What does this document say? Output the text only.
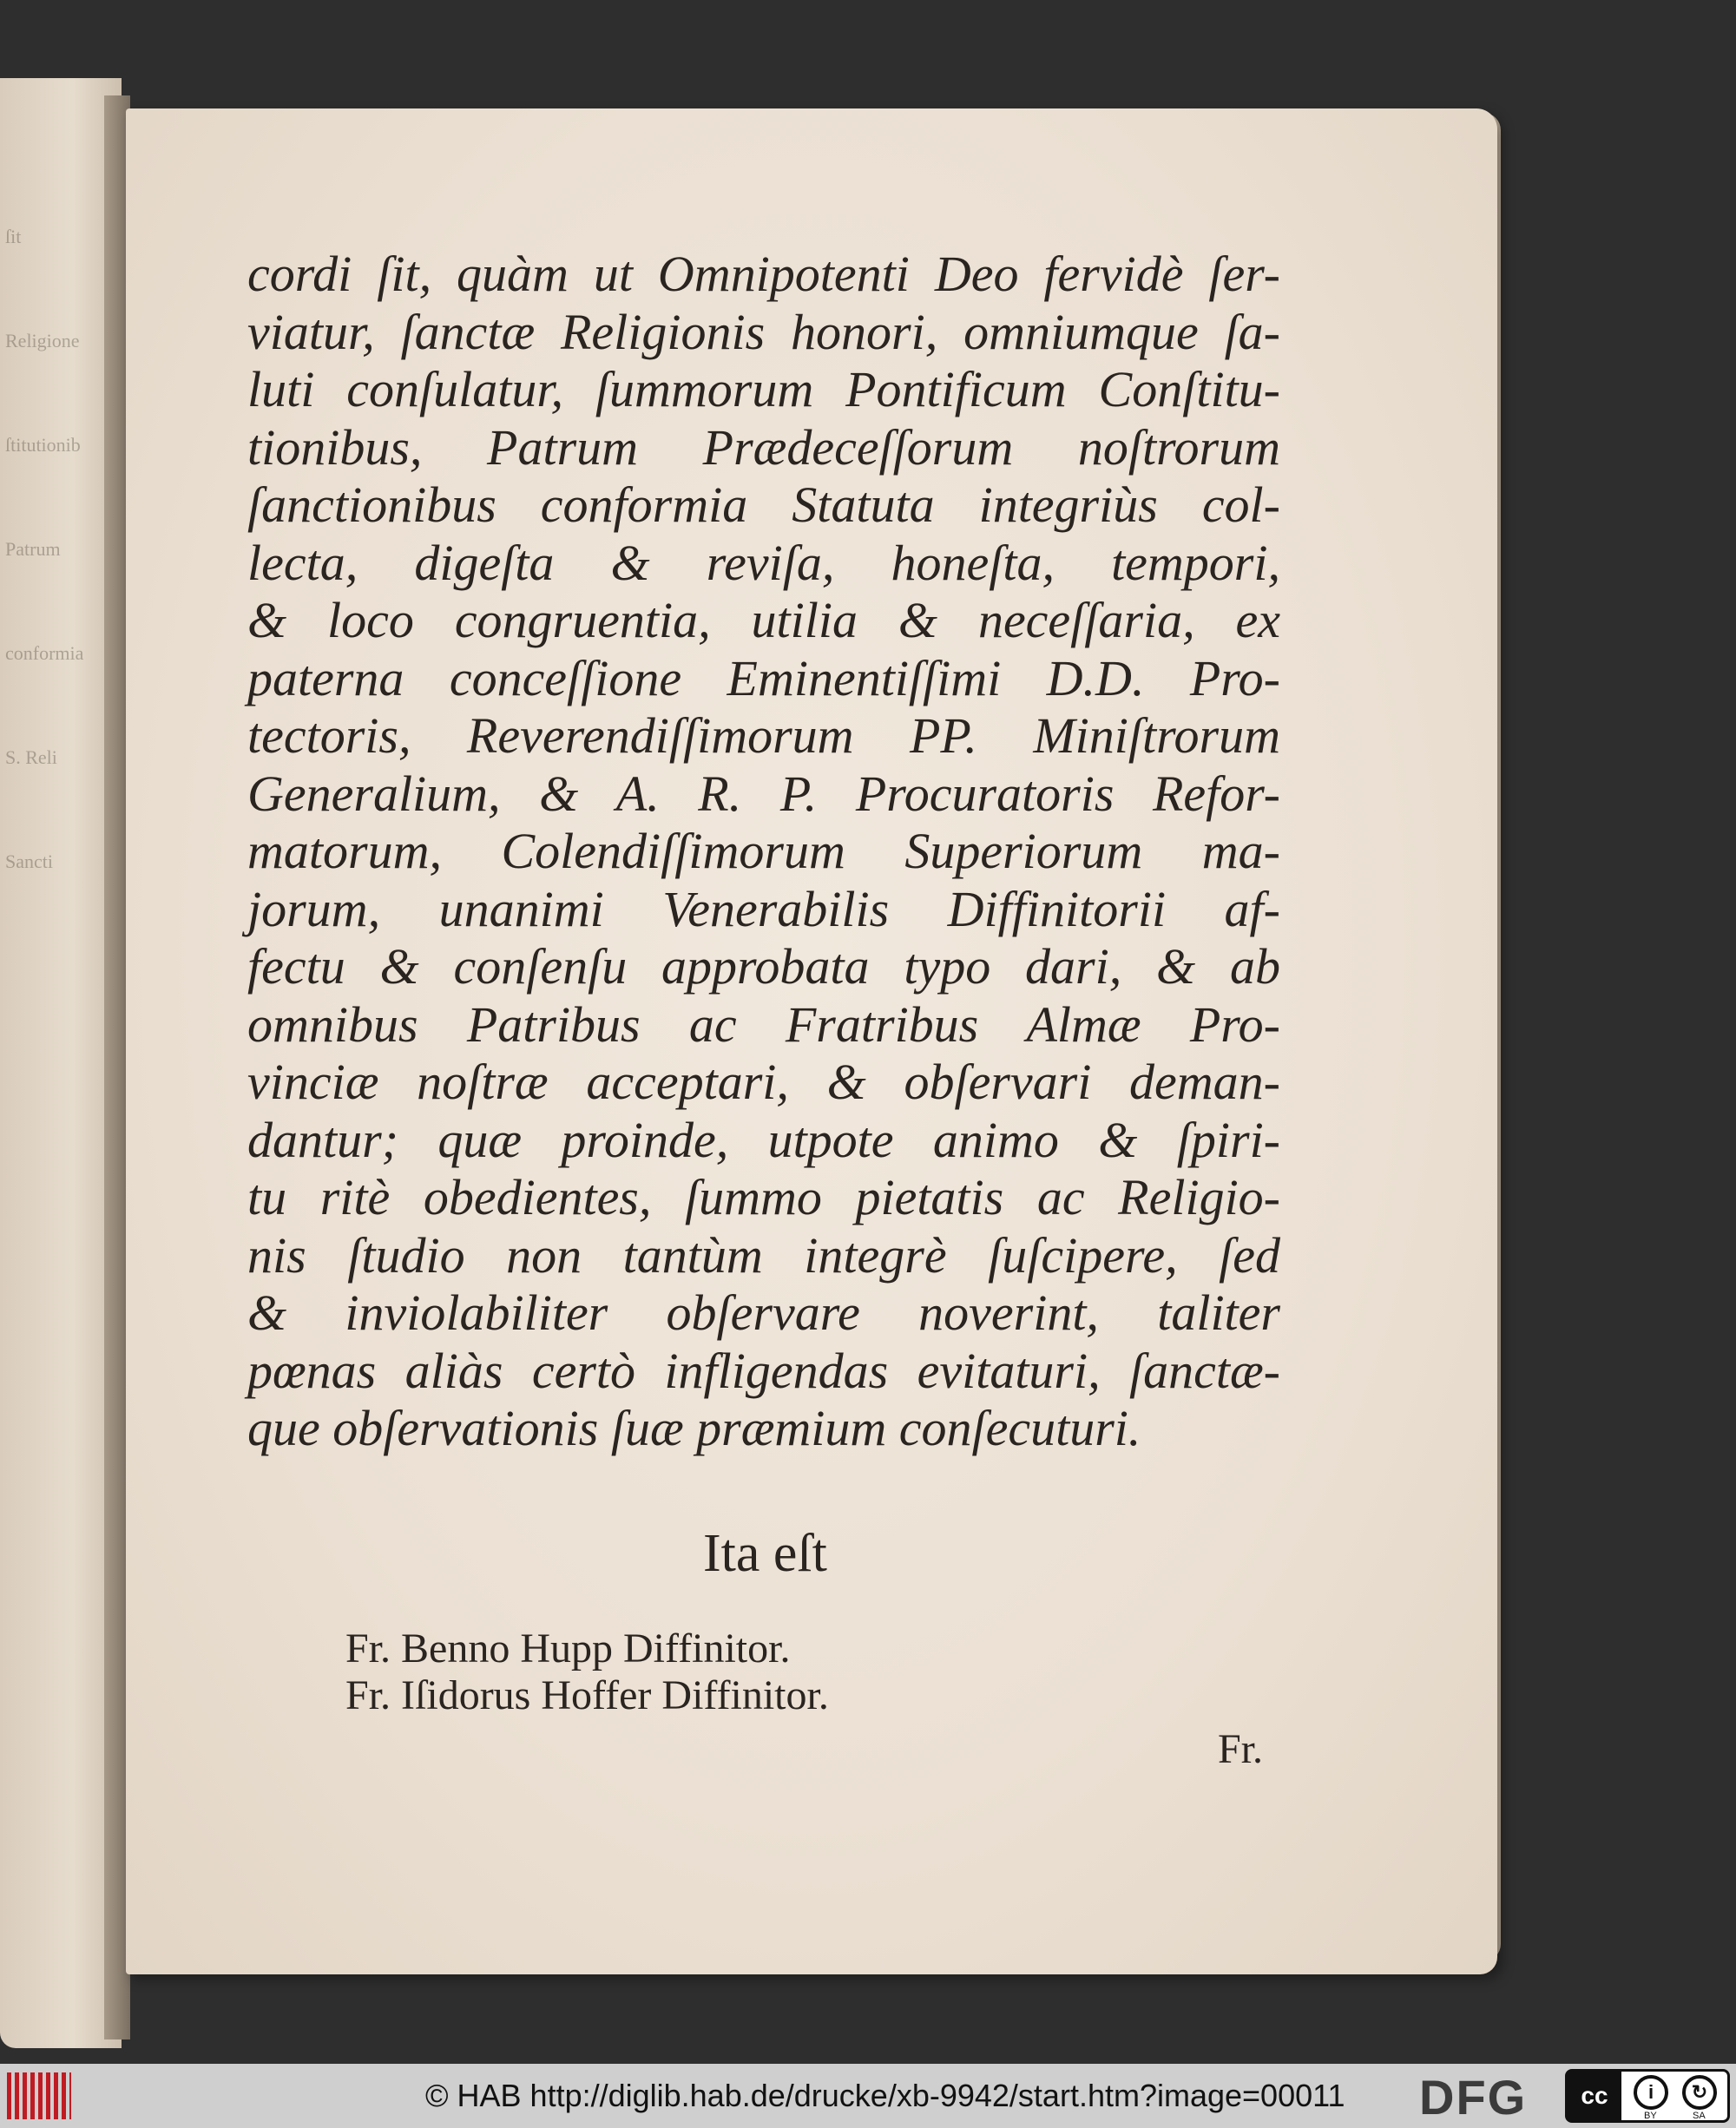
ſit
Religione
ſtitutionib
Patrum
conformia
S. Reli
Sancti
cordi ſit, quàm ut Omnipotenti Deo fervidè ſer-
viatur, ſanctæ Religionis honori, omniumque ſa-
luti conſulatur, ſummorum Pontificum Conſtitu-
tionibus, Patrum Prædeceſſorum noſtrorum
ſanctionibus conformia Statuta integriùs col-
lecta, digeſta & reviſa, honeſta, tempori,
& loco congruentia, utilia & neceſſaria, ex
paterna conceſſione Eminentiſſimi D.D. Pro-
tectoris, Reverendiſſimorum PP. Miniſtrorum
Generalium, & A. R. P. Procuratoris Refor-
matorum, Colendiſſimorum Superiorum ma-
jorum, unanimi Venerabilis Diffinitorii af-
fectu & conſenſu approbata typo dari, & ab
omnibus Patribus ac Fratribus Almæ Pro-
vinciæ noſtræ acceptari, & obſervari deman-
dantur; quæ proinde, utpote animo & ſpiri-
tu ritè obedientes, ſummo pietatis ac Religio-
nis ſtudio non tantùm integrè ſuſcipere, ſed
& inviolabiliter obſervare noverint, taliter
pœnas aliàs certò infligendas evitaturi, ſanctæ-
que obſervationis ſuæ præmium conſecuturi.
Ita eſt
Fr. Benno Hupp Diffinitor.
Fr. Iſidorus Hoffer Diffinitor.
Fr.
© HAB http://diglib.hab.de/drucke/xb-9942/start.htm?image=00011 DFG	cc	i	↻
BY	SA
